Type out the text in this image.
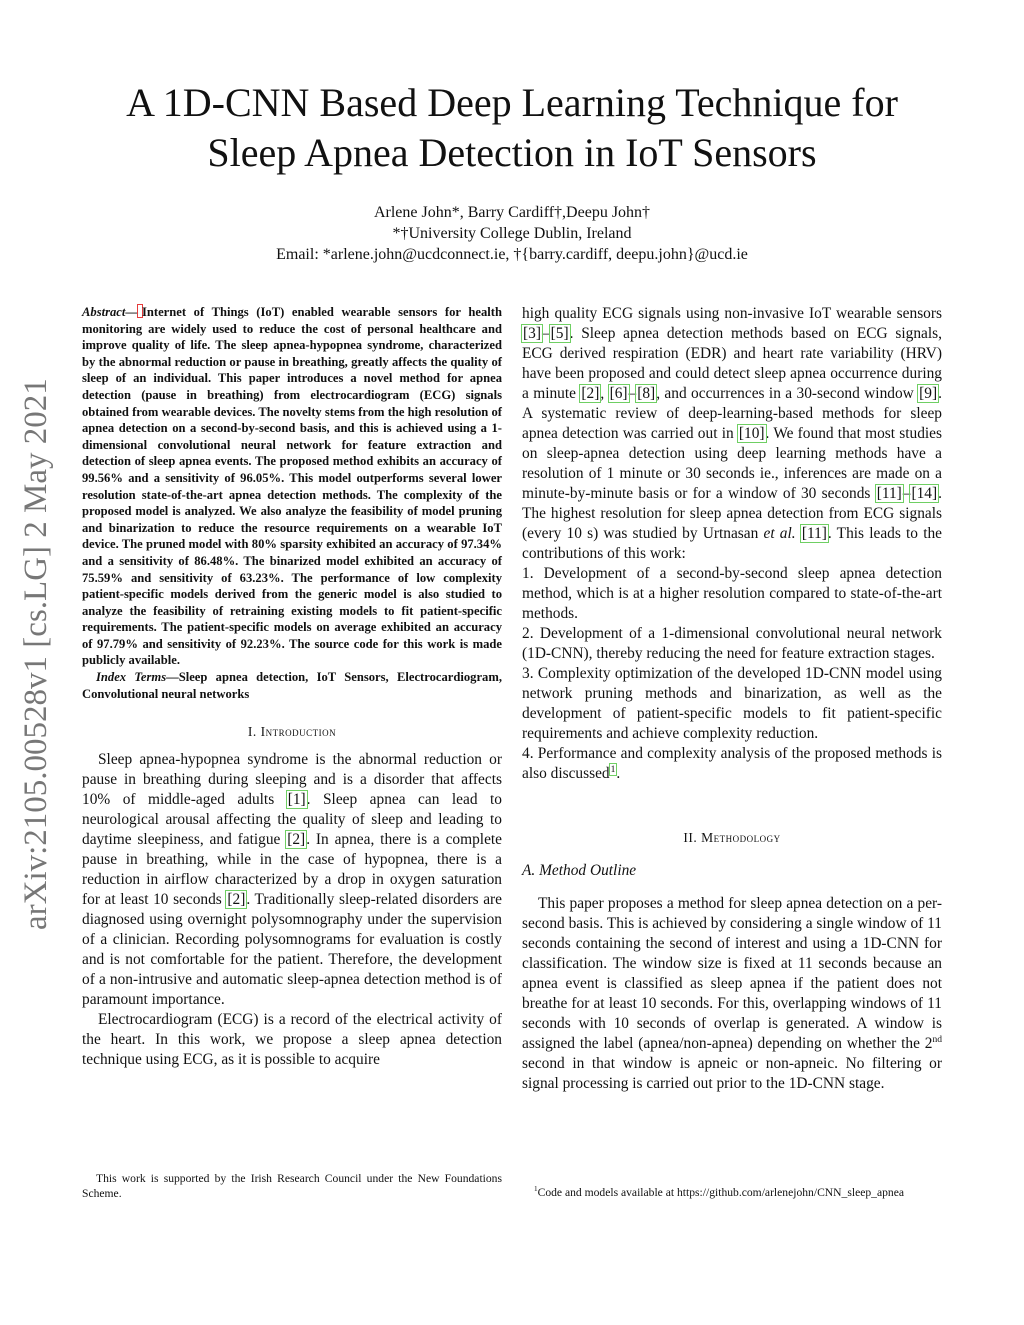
A 1D-CNN Based Deep Learning Technique for
Sleep Apnea Detection in IoT Sensors
Arlene John*, Barry Cardiff†,Deepu John†
*†University College Dublin, Ireland
Email: *arlene.john@ucdconnect.ie, †{barry.cardiff, deepu.john}@ucd.ie
arXiv:2105.00528v1 [cs.LG] 2 May 2021

Abstract— Internet of Things (IoT) enabled wearable sensors for health monitoring are widely used to reduce the cost of personal healthcare and improve quality of life. The sleep apnea-hypopnea syndrome, characterized by the abnormal reduction or pause in breathing, greatly affects the quality of sleep of an individual. This paper introduces a novel method for apnea detection (pause in breathing) from electrocardiogram (ECG) signals obtained from wearable devices. The novelty stems from the high resolution of apnea detection on a second-by-second basis, and this is achieved using a 1-dimensional convolutional neural network for feature extraction and detection of sleep apnea events. The proposed method exhibits an accuracy of 99.56% and a sensitivity of 96.05%. This model outperforms several lower resolution state-of-the-art apnea detection methods. The complexity of the proposed model is analyzed. We also analyze the feasibility of model pruning and binarization to reduce the resource requirements on a wearable IoT device. The pruned model with 80% sparsity exhibited an accuracy of 97.34% and a sensitivity of 86.48%. The binarized model exhibited an accuracy of 75.59% and sensitivity of 63.23%. The performance of low complexity patient-specific models derived from the generic model is also studied to analyze the feasibility of retraining existing models to fit patient-specific requirements. The patient-specific models on average exhibited an accuracy of 97.79% and sensitivity of 92.23%. The source code for this work is made publicly available.

Index Terms—Sleep apnea detection, IoT Sensors, Electrocardiogram, Convolutional neural networks

I. Introduction

Sleep apnea-hypopnea syndrome is the abnormal reduction or pause in breathing during sleeping and is a disorder that affects 10% of middle-aged adults [1]. Sleep apnea can lead to neurological arousal affecting the quality of sleep and leading to daytime sleepiness, and fatigue [2]. In apnea, there is a complete pause in breathing, while in the case of hypopnea, there is a reduction in airflow characterized by a drop in oxygen saturation for at least 10 seconds [2]. Traditionally sleep-related disorders are diagnosed using overnight polysomnography under the supervision of a clinician. Recording polysomnograms for evaluation is costly and is not comfortable for the patient. Therefore, the development of a non-intrusive and automatic sleep-apnea detection method is of paramount importance.

Electrocardiogram (ECG) is a record of the electrical activity of the heart. In this work, we propose a sleep apnea detection technique using ECG, as it is possible to acquire

This work is supported by the Irish Research Council under the New Foundations Scheme.

high quality ECG signals using non-invasive IoT wearable sensors [3]–[5]. Sleep apnea detection methods based on ECG signals, ECG derived respiration (EDR) and heart rate variability (HRV) have been proposed and could detect sleep apnea occurrence during a minute [2], [6]–[8], and occurrences in a 30-second window [9]. A systematic review of deep-learning-based methods for sleep apnea detection was carried out in [10]. We found that most studies on sleep-apnea detection using deep learning methods have a resolution of 1 minute or 30 seconds ie., inferences are made on a minute-by-minute basis or for a window of 30 seconds [11]–[14]. The highest resolution for sleep apnea detection from ECG signals (every 10 s) was studied by Urtnasan et al. [11]. This leads to the contributions of this work:

1. Development of a second-by-second sleep apnea detection method, which is at a higher resolution compared to state-of-the-art methods.

2. Development of a 1-dimensional convolutional neural network (1D-CNN), thereby reducing the need for feature extraction stages.

3. Complexity optimization of the developed 1D-CNN model using network pruning methods and binarization, as well as the development of patient-specific models to fit patient-specific requirements and achieve complexity reduction.

4. Performance and complexity analysis of the proposed methods is also discussed$^1$.

II. Methodology
A. Method Outline

This paper proposes a method for sleep apnea detection on a per-second basis. This is achieved by considering a single window of 11 seconds containing the second of interest and using a 1D-CNN for classification. The window size is fixed at 11 seconds because an apnea event is classified as sleep apnea if the patient does not breathe for at least 10 seconds. For this, overlapping windows of 11 seconds with 10 seconds of overlap is generated. A window is assigned the label (apnea/non-apnea) depending on whether the 2nd second in that window is apneic or non-apneic. No filtering or signal processing is carried out prior to the 1D-CNN stage.

$^1$Code and models available at https://github.com/arlenejohn/CNN_sleep_apnea
